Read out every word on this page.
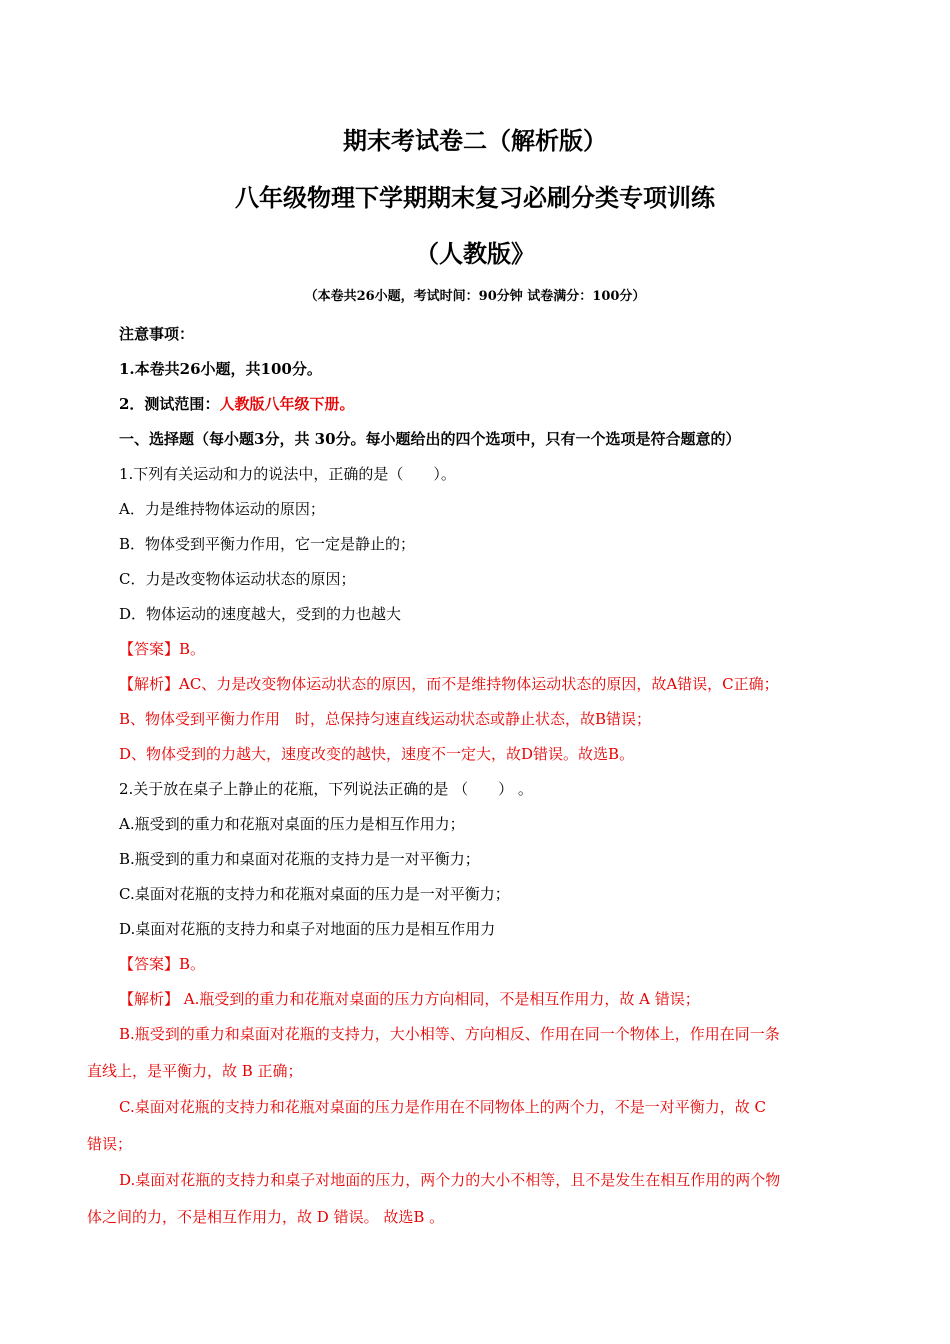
期末考试卷二（解析版）
八年级物理下学期期末复习必刷分类专项训练
（人教版》
（本卷共26小题，考试时间：90分钟 试卷满分：100分）
注意事项：
1.本卷共26小题，共100分。
2．测试范围：人教版八年级下册。
一、选择题（每小题3分，共 30分。每小题给出的四个选项中，只有一个选项是符合题意的）
1.下列有关运动和力的说法中，正确的是（　　）。
A．力是维持物体运动的原因；
B．物体受到平衡力作用，它一定是静止的；
C．力是改变物体运动状态的原因；
D．物体运动的速度越大，受到的力也越大
【答案】B。
【解析】AC、力是改变物体运动状态的原因，而不是维持物体运动状态的原因，故A错误，C正确；
B、物体受到平衡力作用　时，总保持匀速直线运动状态或静止状态，故B错误；
D、物体受到的力越大，速度改变的越快，速度不一定大，故D错误。故选B。
2.关于放在桌子上静止的花瓶，下列说法正确的是 （　　） 。
A.瓶受到的重力和花瓶对桌面的压力是相互作用力；
B.瓶受到的重力和桌面对花瓶的支持力是一对平衡力；
C.桌面对花瓶的支持力和花瓶对桌面的压力是一对平衡力；
D.桌面对花瓶的支持力和桌子对地面的压力是相互作用力
【答案】B。
【解析】 A.瓶受到的重力和花瓶对桌面的压力方向相同，不是相互作用力，故 A 错误；
B.瓶受到的重力和桌面对花瓶的支持力，大小相等、方向相反、作用在同一个物体上，作用在同一条
直线上，是平衡力，故 B 正确；
C.桌面对花瓶的支持力和花瓶对桌面的压力是作用在不同物体上的两个力，不是一对平衡力，故 C
错误；
D.桌面对花瓶的支持力和桌子对地面的压力，两个力的大小不相等，且不是发生在相互作用的两个物
体之间的力，不是相互作用力，故 D 错误。 故选B 。
